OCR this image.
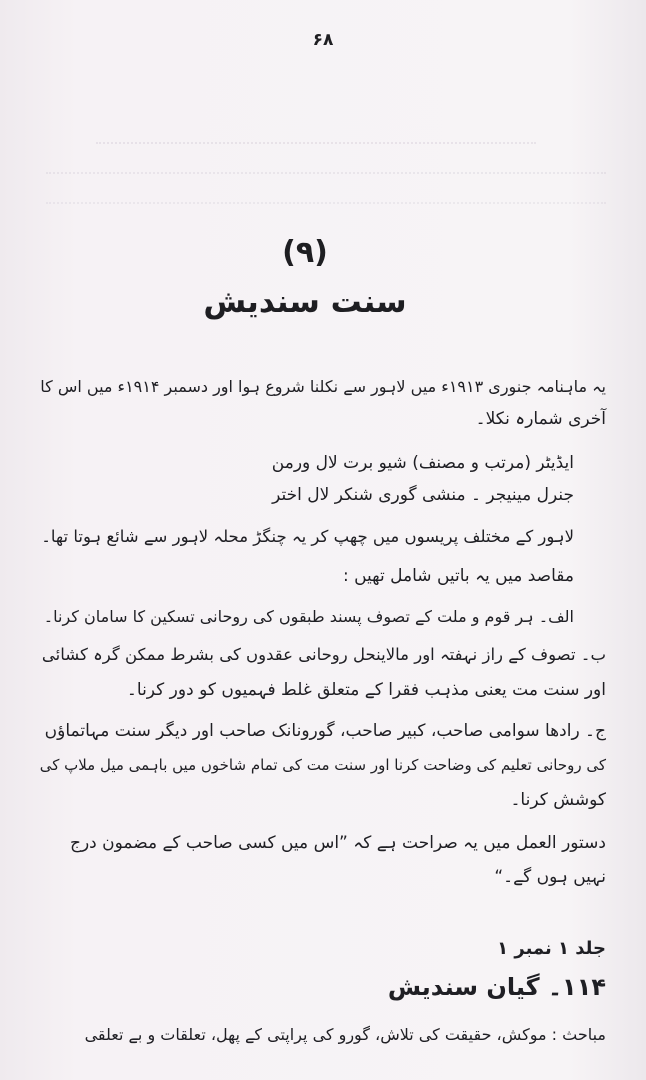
۶۸
(۹)
سنت سندیش
یہ ماہنامہ جنوری ۱۹۱۳ء میں لاہور سے نکلنا شروع ہوا اور دسمبر ۱۹۱۴ء میں اس کا
آخری شمارہ نکلا۔
ایڈیٹر (مرتب و مصنف) شیو برت لال ورمن
جنرل مینیجر ۔ منشی گوری شنکر لال اختر
لاہور کے مختلف پریسوں میں چھپ کر یہ چنگڑ محلہ لاہور سے شائع ہوتا تھا۔
مقاصد میں یہ باتیں شامل تھیں :
الف۔ ہر قوم و ملت کے تصوف پسند طبقوں کی روحانی تسکین کا سامان کرنا۔
ب۔ تصوف کے راز نہفتہ اور مالاینحل روحانی عقدوں کی بشرط ممکن گرہ کشائی
اور سنت مت یعنی مذہب فقرا کے متعلق غلط فہمیوں کو دور کرنا۔
ج۔ رادھا سوامی صاحب، کبیر صاحب، گورونانک صاحب اور دیگر سنت مہاتماؤں
کی روحانی تعلیم کی وضاحت کرنا اور سنت مت کی تمام شاخوں میں باہمی میل ملاپ کی
کوشش کرنا۔
دستور العمل میں یہ صراحت ہے کہ ”اس میں کسی صاحب کے مضمون درج
نہیں ہوں گے۔“
جلد ۱ نمبر ۱
۱۱۴۔ گیان سندیش
مباحث : موکش، حقیقت کی تلاش، گورو کی پراپتی کے پھل، تعلقات و بے تعلقی
